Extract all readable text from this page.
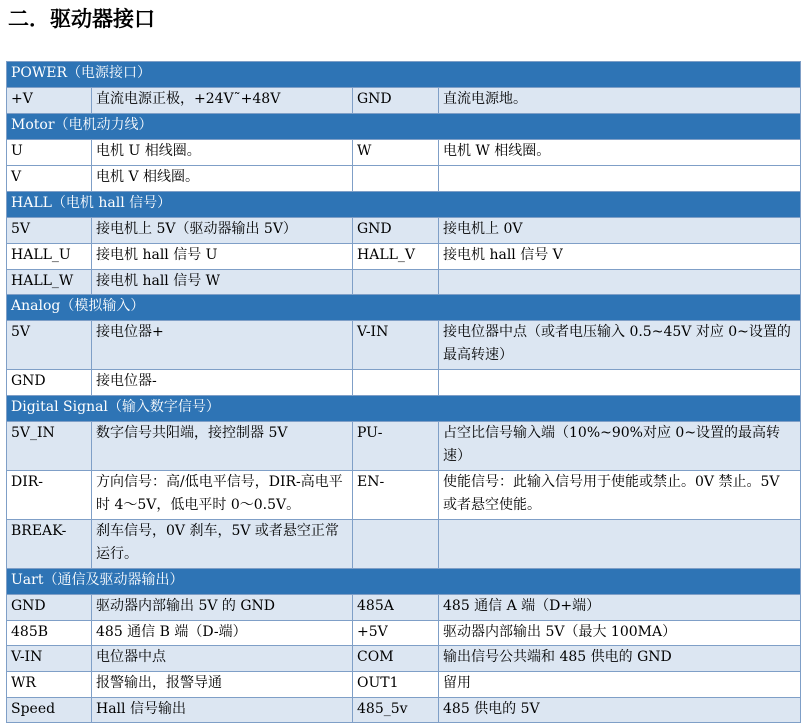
二．驱动器接口
POWER（电源接口）			
+V	直流电源正极，+24V˜+48V	GND	直流电源地。
Motor（电机动力线）			
U	电机 U 相线圈。	W	电机 W 相线圈。
V	电机 V 相线圈。		
HALL（电机 hall 信号）			
5V	接电机上 5V（驱动器输出 5V）	GND	接电机上 0V
HALL_U	接电机 hall 信号 U	HALL_V	接电机 hall 信号 V
HALL_W	接电机 hall 信号 W		
Analog（模拟输入）			
5V	接电位器+	V-IN	接电位器中点（或者电压输入 0.5~45V 对应 0~设置的最高转速）
GND	接电位器-		
Digital Signal（输入数字信号）			
5V_IN	数字信号共阳端，接控制器 5V	PU-	占空比信号输入端（10%~90%对应 0~设置的最高转速）
DIR-	方向信号：高/低电平信号，DIR-高电平时 4～5V，低电平时 0～0.5V。	EN-	使能信号：此输入信号用于使能或禁止。0V 禁止。5V 或者悬空使能。
BREAK-	刹车信号，0V 刹车，5V 或者悬空正常运行。		
Uart（通信及驱动器输出）			
GND	驱动器内部输出 5V 的 GND	485A	485 通信 A 端（D+端）
485B	485 通信 B 端（D-端）	+5V	驱动器内部输出 5V（最大 100MA）
V-IN	电位器中点	COM	输出信号公共端和 485 供电的 GND
WR	报警输出，报警导通	OUT1	留用
Speed	Hall 信号输出	485_5v	485 供电的 5V
